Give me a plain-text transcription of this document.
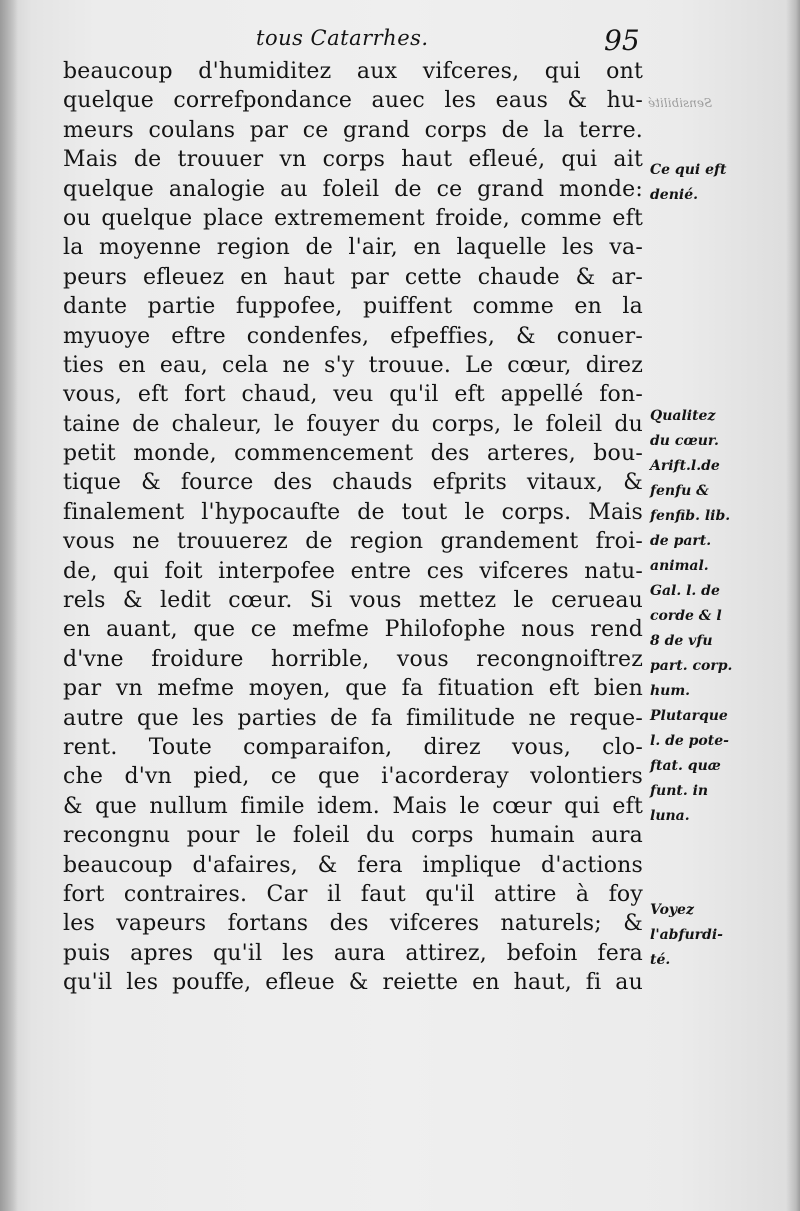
tous Catarrhes.	95
Sensibilité
beaucoup d'humiditez aux vifceres, qui ont
quelque correfpondance auec les eaus & hu-
meurs coulans par ce grand corps de la terre.
Mais de trouuer vn corps haut efleué, qui ait
quelque analogie au foleil de ce grand monde:
ou quelque place extremement froide, comme eft
la moyenne region de l'air, en laquelle les va-
peurs efleuez en haut par cette chaude & ar-
dante partie fuppofee, puiffent comme en la
myuoye eftre condenfes, efpeffies, & conuer-
ties en eau, cela ne s'y trouue. Le cœur, direz
vous, eft fort chaud, veu qu'il eft appellé fon-
taine de chaleur, le fouyer du corps, le foleil du
petit monde, commencement des arteres, bou-
tique & fource des chauds efprits vitaux, &
finalement l'hypocaufte de tout le corps. Mais
vous ne trouuerez de region grandement froi-
de, qui foit interpofee entre ces vifceres natu-
rels & ledit cœur. Si vous mettez le cerueau
en auant, que ce mefme Philofophe nous rend
d'vne froidure horrible, vous recongnoiftrez
par vn mefme moyen, que fa fituation eft bien
autre que les parties de fa fimilitude ne reque-
rent. Toute comparaifon, direz vous, clo-
che d'vn pied, ce que i'acorderay volontiers
& que nullum fimile idem. Mais le cœur qui eft
recongnu pour le foleil du corps humain aura
beaucoup d'afaires, & fera implique d'actions
fort contraires. Car il faut qu'il attire à foy
les vapeurs fortans des vifceres naturels; &
puis apres qu'il les aura attirez, befoin fera
qu'il les pouffe, efleue & reiette en haut, fi au
Ce qui eft
denié.
Qualitez
du cœur.
Arift.l.de
fenfu &
fenfib. lib.
de part.
animal.
Gal. l. de
corde & l
8 de vfu
part. corp.
hum.
Plutarque
l. de pote-
ftat. quæ
funt. in
luna.
Voyez
l'abfurdi-
té.
